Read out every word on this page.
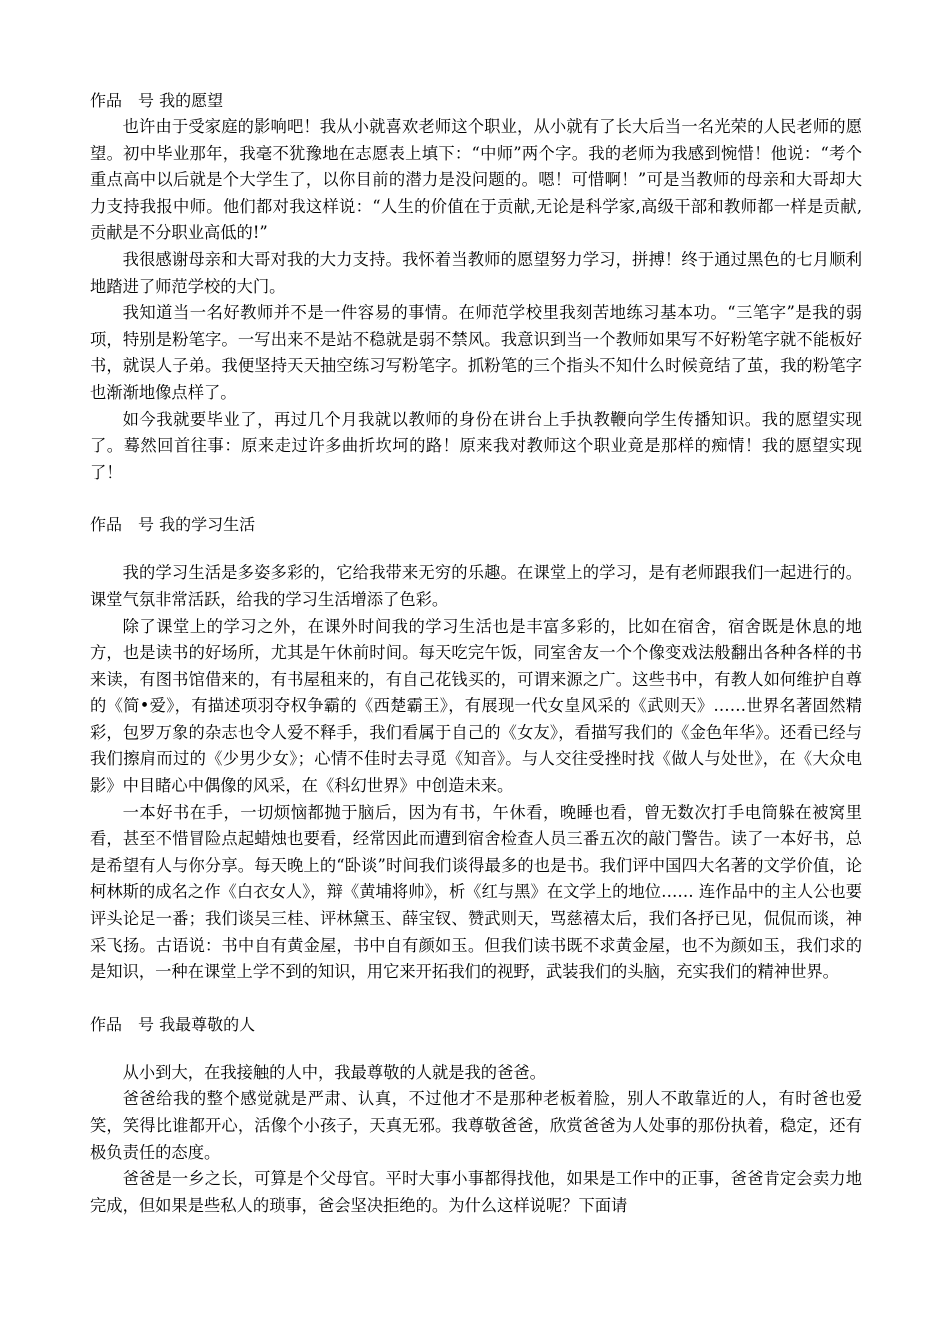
作品　号 我的愿望

也许由于受家庭的影响吧！我从小就喜欢老师这个职业，从小就有了长大后当一名光荣的人民老师的愿望。初中毕业那年，我毫不犹豫地在志愿表上填下：“中师”两个字。我的老师为我感到惋惜！他说：“考个重点高中以后就是个大学生了，以你目前的潜力是没问题的。嗯！可惜啊！”可是当教师的母亲和大哥却大力支持我报中师。他们都对我这样说：“人生的价值在于贡献,无论是科学家,高级干部和教师都一样是贡献,贡献是不分职业高低的!”

我很感谢母亲和大哥对我的大力支持。我怀着当教师的愿望努力学习，拼搏！终于通过黑色的七月顺利地踏进了师范学校的大门。

我知道当一名好教师并不是一件容易的事情。在师范学校里我刻苦地练习基本功。“三笔字”是我的弱项，特别是粉笔字。一写出来不是站不稳就是弱不禁风。我意识到当一个教师如果写不好粉笔字就不能板好书，就误人子弟。我便坚持天天抽空练习写粉笔字。抓粉笔的三个指头不知什么时候竟结了茧，我的粉笔字也渐渐地像点样了。

如今我就要毕业了，再过几个月我就以教师的身份在讲台上手执教鞭向学生传播知识。我的愿望实现了。蓦然回首往事：原来走过许多曲折坎坷的路！原来我对教师这个职业竟是那样的痴情！我的愿望实现了！

作品　号 我的学习生活

我的学习生活是多姿多彩的，它给我带来无穷的乐趣。在课堂上的学习，是有老师跟我们一起进行的。课堂气氛非常活跃，给我的学习生活增添了色彩。

除了课堂上的学习之外，在课外时间我的学习生活也是丰富多彩的，比如在宿舍，宿舍既是休息的地方，也是读书的好场所，尤其是午休前时间。每天吃完午饭，同室舍友一个个像变戏法般翻出各种各样的书来读，有图书馆借来的，有书屋租来的，有自己花钱买的，可谓来源之广。这些书中，有教人如何维护自尊的《简•爱》，有描述项羽夺权争霸的《西楚霸王》，有展现一代女皇风采的《武则天》……世界名著固然精彩，包罗万象的杂志也令人爱不释手，我们看属于自己的《女友》，看描写我们的《金色年华》。还看已经与我们擦肩而过的《少男少女》；心情不佳时去寻觅《知音》。与人交往受挫时找《做人与处世》，在《大众电影》中目睹心中偶像的风采，在《科幻世界》中创造未来。

一本好书在手，一切烦恼都抛于脑后，因为有书，午休看，晚睡也看，曾无数次打手电筒躲在被窝里看，甚至不惜冒险点起蜡烛也要看，经常因此而遭到宿舍检查人员三番五次的敲门警告。读了一本好书，总是希望有人与你分享。每天晚上的“卧谈”时间我们谈得最多的也是书。我们评中国四大名著的文学价值，论柯林斯的成名之作《白衣女人》，辩《黄埔将帅》，析《红与黑》在文学上的地位…… 连作品中的主人公也要评头论足一番；我们谈吴三桂、评林黛玉、薛宝钗、赞武则天，骂慈禧太后，我们各抒已见，侃侃而谈，神采飞扬。古语说：书中自有黄金屋，书中自有颜如玉。但我们读书既不求黄金屋，也不为颜如玉，我们求的是知识，一种在课堂上学不到的知识，用它来开拓我们的视野，武装我们的头脑，充实我们的精神世界。

作品　号 我最尊敬的人

从小到大，在我接触的人中，我最尊敬的人就是我的爸爸。

爸爸给我的整个感觉就是严肃、认真，不过他才不是那种老板着脸，别人不敢靠近的人，有时爸也爱笑，笑得比谁都开心，活像个小孩子，天真无邪。我尊敬爸爸，欣赏爸爸为人处事的那份执着，稳定，还有极负责任的态度。

爸爸是一乡之长，可算是个父母官。平时大事小事都得找他，如果是工作中的正事，爸爸肯定会卖力地完成，但如果是些私人的琐事，爸会坚决拒绝的。为什么这样说呢？下面请
